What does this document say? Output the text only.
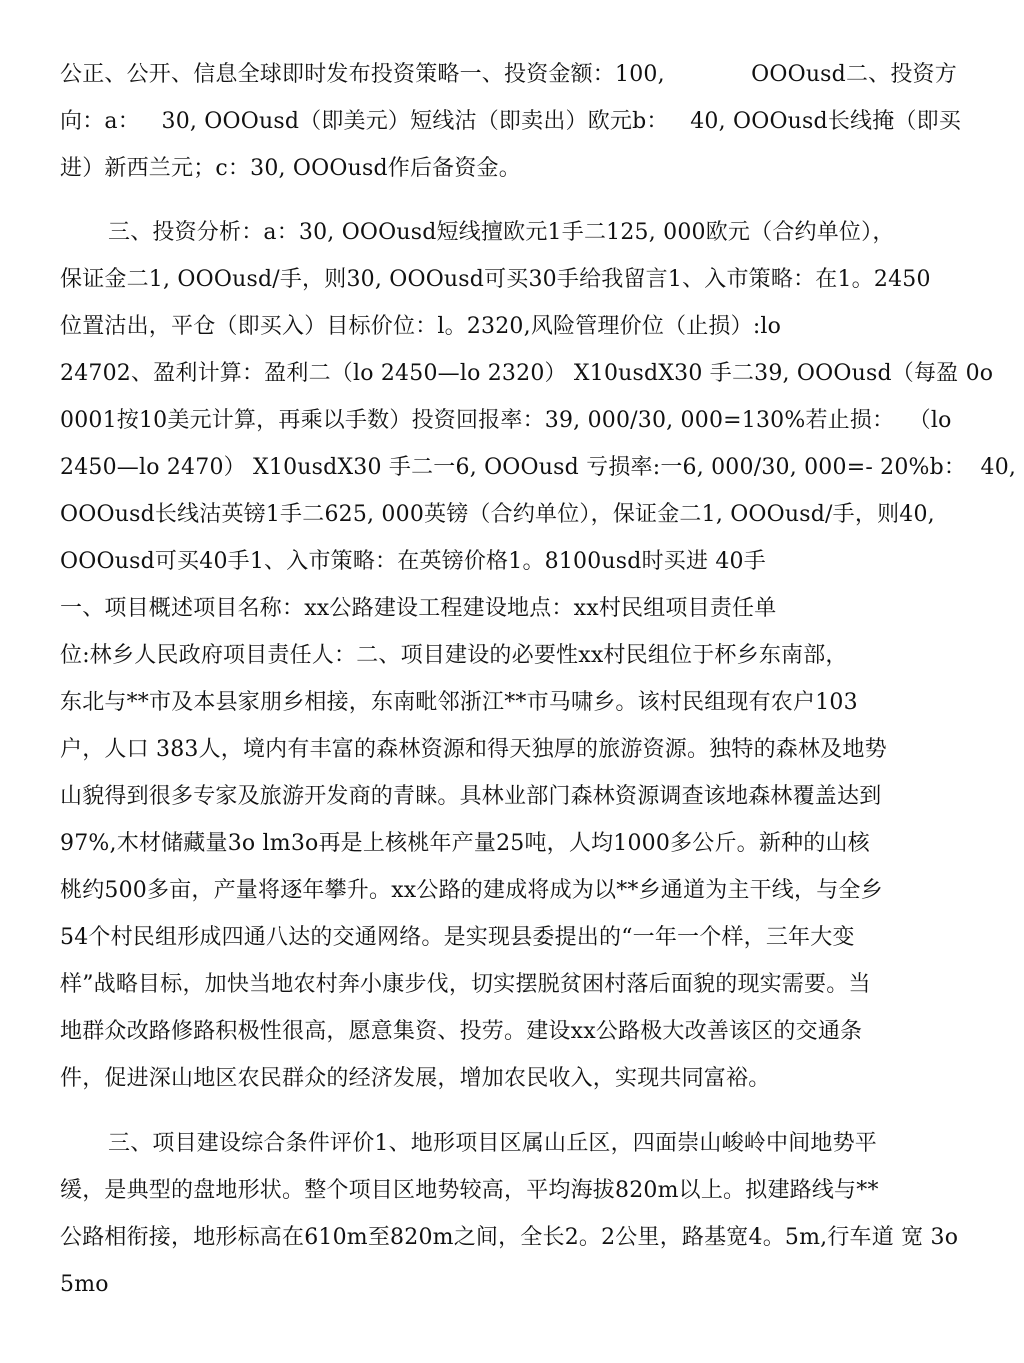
公正、公开、信息全球即时发布投资策略一、投资金额：100,            OOOusd二、投资方
向：a：   30, OOOusd（即美元）短线沽（即卖出）欧元b：   40, OOOusd长线掩（即买
进）新西兰元；c：30, OOOusd作后备资金。
三、投资分析：a：30, OOOusd短线擅欧元1手二125, 000欧元（合约单位），
保证金二1, OOOusd/手，则30, OOOusd可买30手给我留言1、入市策略：在1。2450
位置沽出，平仓（即买入）目标价位：l。2320,风险管理价位（止损）:lo
24702、盈利计算：盈利二（lo 2450—lo 2320） X10usdX30 手二39, OOOusd（每盈 0o
0001按10美元计算，再乘以手数）投资回报率：39, 000/30, 000=130%若止损：  （lo
2450—lo 2470） X10usdX30 手二一6, OOOusd 亏损率:一6, 000/30, 000=- 20%b：  40,
OOOusd长线沽英镑1手二625, 000英镑（合约单位），保证金二1, OOOusd/手，则40,
OOOusd可买40手1、入市策略：在英镑价格1。8100usd时买进 40手
一、项目概述项目名称：xx公路建设工程建设地点：xx村民组项目责任单
位:林乡人民政府项目责任人：二、项目建设的必要性xx村民组位于杯乡东南部，
东北与**市及本县家朋乡相接，东南毗邻浙江**市马啸乡。该村民组现有农户103
户，人口 383人，境内有丰富的森林资源和得天独厚的旅游资源。独特的森林及地势
山貌得到很多专家及旅游开发商的青睐。具林业部门森林资源调查该地森林覆盖达到
97%,木材储藏量3o lm3o再是上核桃年产量25吨，人均1000多公斤。新种的山核
桃约500多亩，产量将逐年攀升。xx公路的建成将成为以**乡通道为主干线，与全乡
54个村民组形成四通八达的交通网络。是实现县委提出的“一年一个样，三年大变
样”战略目标，加快当地农村奔小康步伐，切实摆脱贫困村落后面貌的现实需要。当
地群众改路修路积极性很高，愿意集资、投劳。建设xx公路极大改善该区的交通条
件，促进深山地区农民群众的经济发展，增加农民收入，实现共同富裕。
三、项目建设综合条件评价1、地形项目区属山丘区，四面崇山峻岭中间地势平
缓，是典型的盘地形状。整个项目区地势较高，平均海拔820m以上。拟建路线与**
公路相衔接，地形标高在610m至820m之间，全长2。2公里，路基宽4。5m,行车道 宽 3o
5mo
